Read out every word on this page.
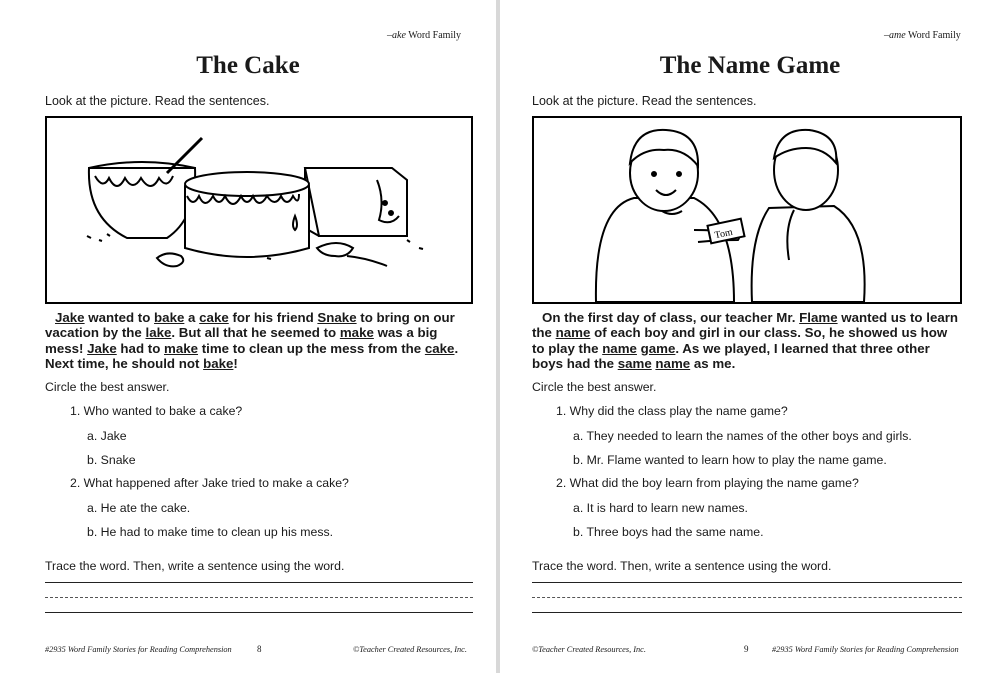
–ake Word Family
The Cake
Look at the picture. Read the sentences.
Jake wanted to bake a cake for his friend Snake to bring on our vacation by the lake. But all that he seemed to make was a big mess! Jake had to make time to clean up the mess from the cake. Next time, he should not bake!
Circle the best answer.
1. Who wanted to bake a cake?
a. Jake
b. Snake
2. What happened after Jake tried to make a cake?
a. He ate the cake.
b. He had to make time to clean up his mess.
Trace the word. Then, write a sentence using the word.
#2935 Word Family Stories for Reading Comprehension	8	©Teacher Created Resources, Inc.
–ame Word Family
The Name Game
Look at the picture. Read the sentences.
Tom
On the first day of class, our teacher Mr. Flame wanted us to learn the name of each boy and girl in our class. So, he showed us how to play the name game. As we played, I learned that three other boys had the same name as me.
Circle the best answer.
1. Why did the class play the name game?
a. They needed to learn the names of the other boys and girls.
b. Mr. Flame wanted to learn how to play the name game.
2. What did the boy learn from playing the name game?
a. It is hard to learn new names.
b. Three boys had the same name.
Trace the word. Then, write a sentence using the word.
©Teacher Created Resources, Inc.	9	#2935 Word Family Stories for Reading Comprehension
